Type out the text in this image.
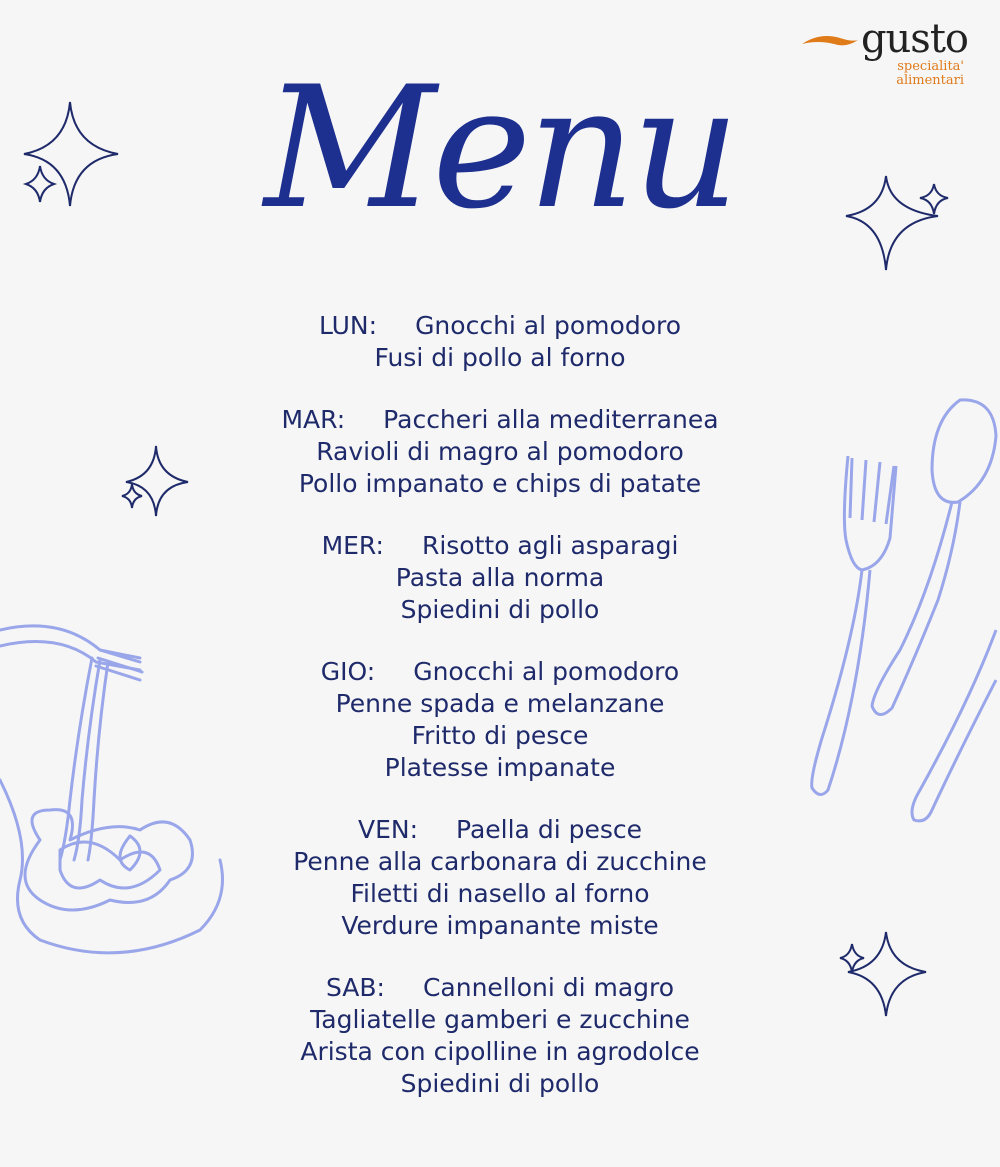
gusto
specialita'
alimentari
Menu
LUN: Gnocchi al pomodoro
Fusi di pollo al forno
MAR: Paccheri alla mediterranea
Ravioli di magro al pomodoro
Pollo impanato e chips di patate
MER: Risotto agli asparagi
Pasta alla norma
Spiedini di pollo
GIO: Gnocchi al pomodoro
Penne spada e melanzane
Fritto di pesce
Platesse impanate
VEN: Paella di pesce
Penne alla carbonara di zucchine
Filetti di nasello al forno
Verdure impanante miste
SAB: Cannelloni di magro
Tagliatelle gamberi e zucchine
Arista con cipolline in agrodolce
Spiedini di pollo
